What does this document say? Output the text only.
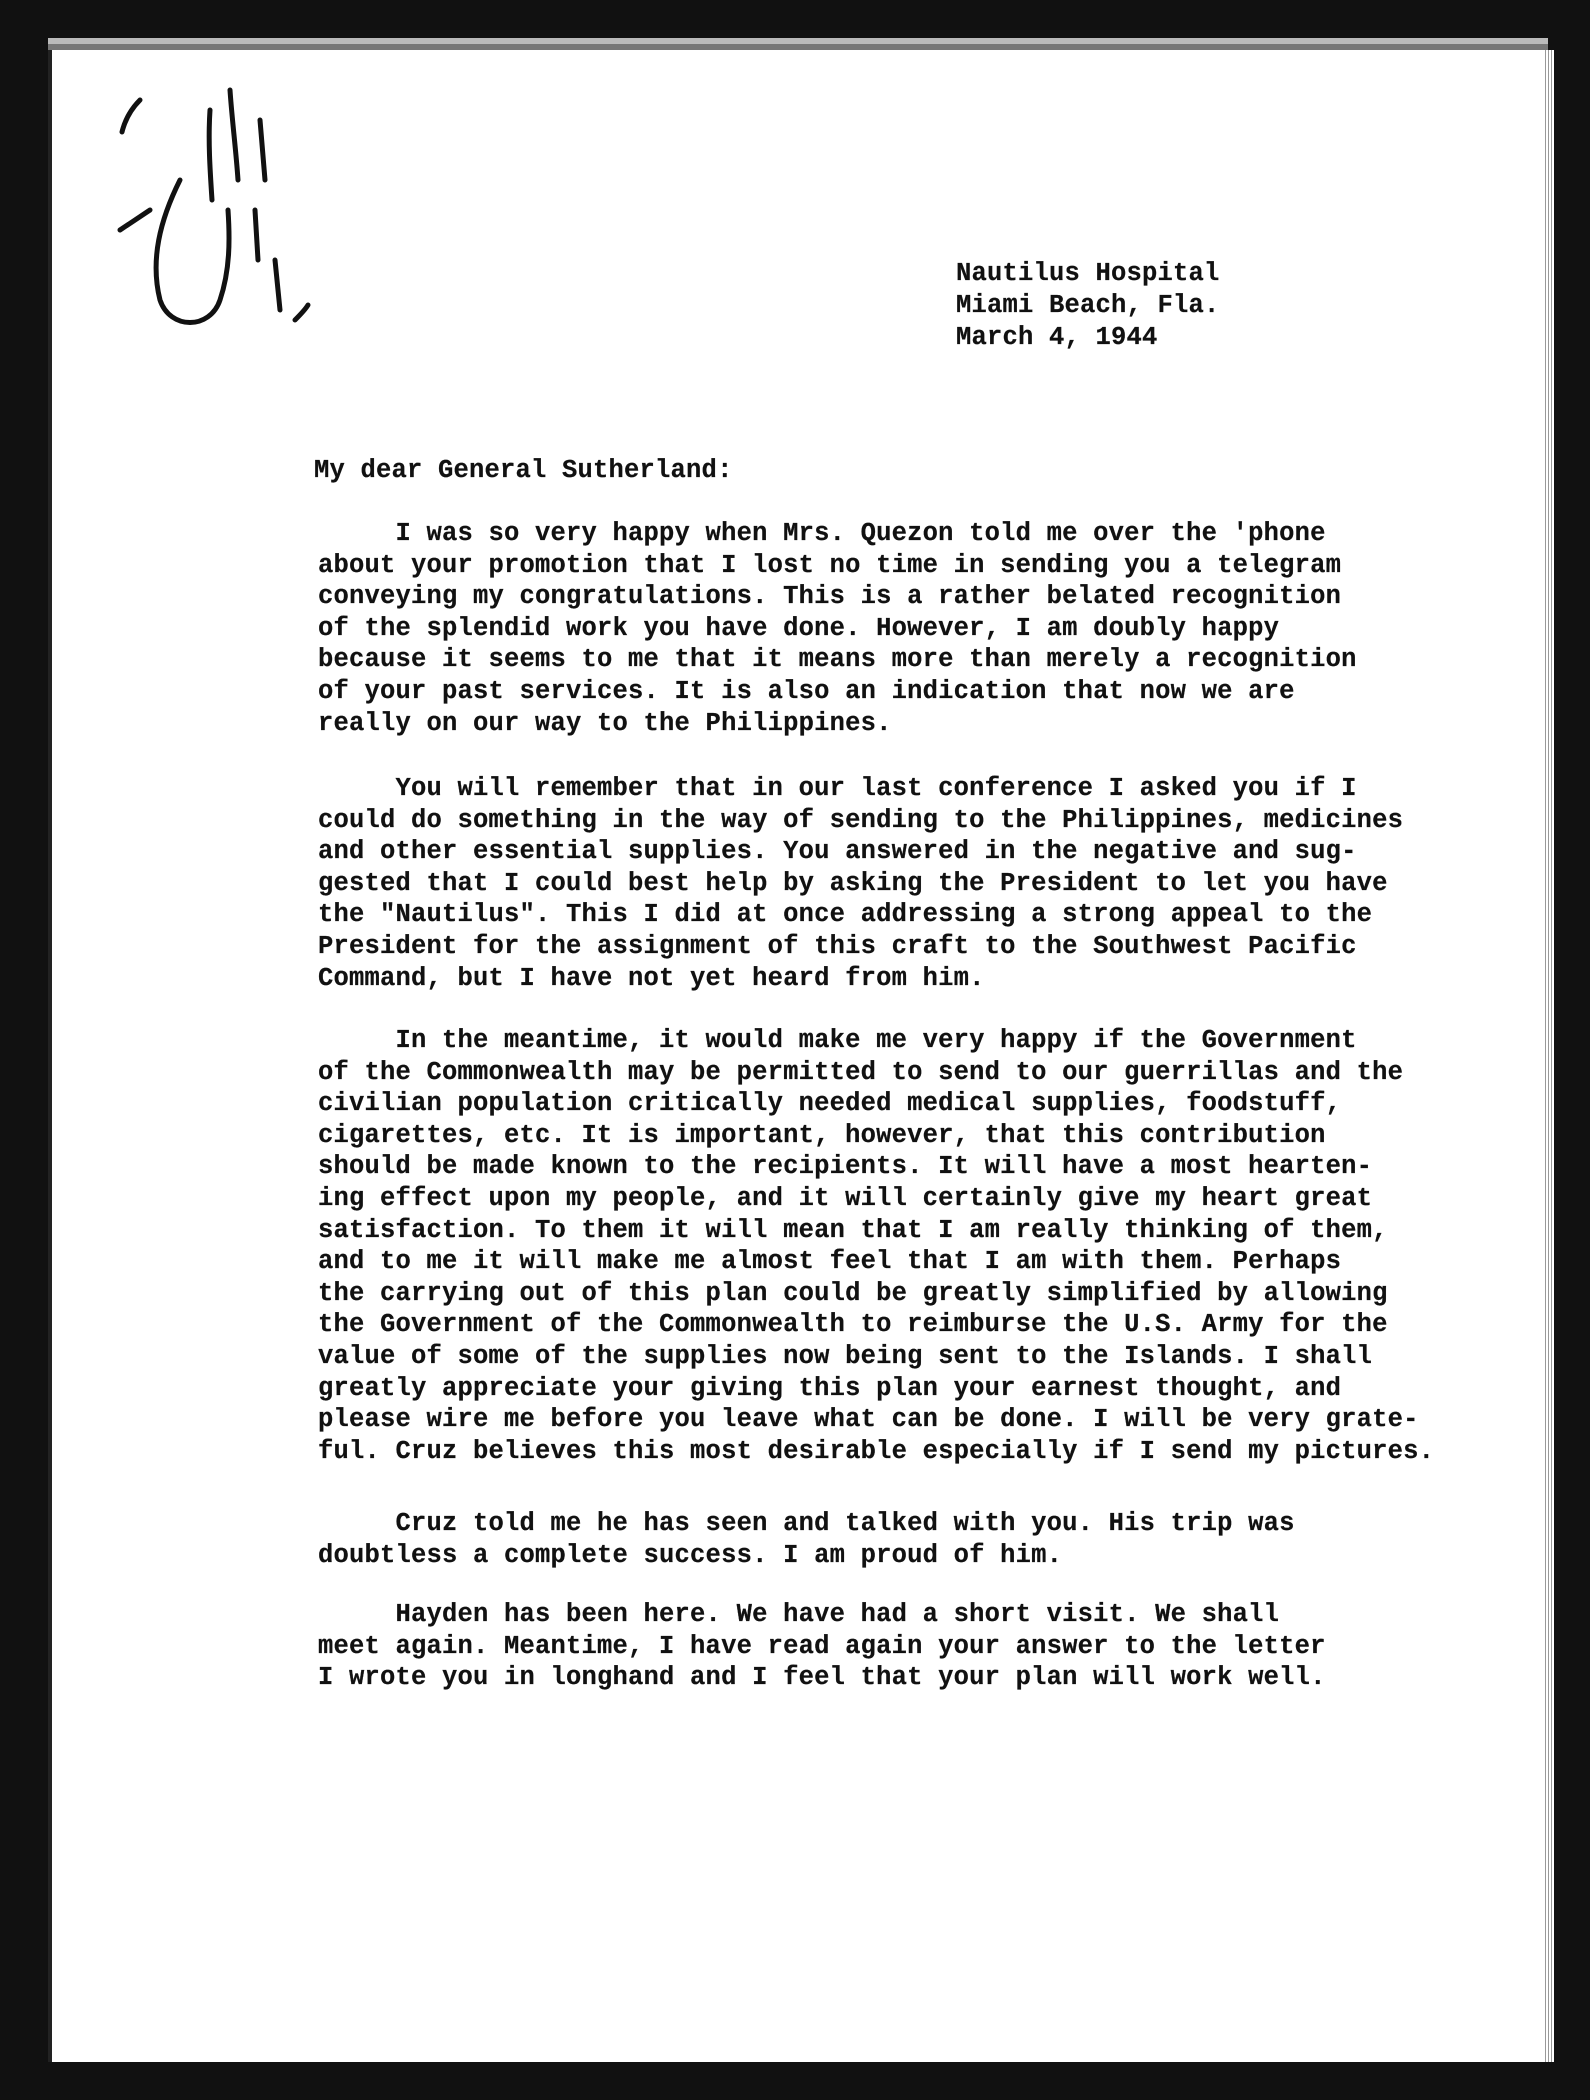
Nautilus Hospital
Miami Beach, Fla.
March 4, 1944
My dear General Sutherland:
I was so very happy when Mrs. Quezon told me over the 'phone
about your promotion that I lost no time in sending you a telegram
conveying my congratulations. This is a rather belated recognition
of the splendid work you have done. However, I am doubly happy
because it seems to me that it means more than merely a recognition
of your past services. It is also an indication that now we are
really on our way to the Philippines.
You will remember that in our last conference I asked you if I
could do something in the way of sending to the Philippines, medicines
and other essential supplies. You answered in the negative and sug-
gested that I could best help by asking the President to let you have
the "Nautilus". This I did at once addressing a strong appeal to the
President for the assignment of this craft to the Southwest Pacific
Command, but I have not yet heard from him.
In the meantime, it would make me very happy if the Government
of the Commonwealth may be permitted to send to our guerrillas and the
civilian population critically needed medical supplies, foodstuff,
cigarettes, etc. It is important, however, that this contribution
should be made known to the recipients. It will have a most hearten-
ing effect upon my people, and it will certainly give my heart great
satisfaction. To them it will mean that I am really thinking of them,
and to me it will make me almost feel that I am with them. Perhaps
the carrying out of this plan could be greatly simplified by allowing
the Government of the Commonwealth to reimburse the U.S. Army for the
value of some of the supplies now being sent to the Islands. I shall
greatly appreciate your giving this plan your earnest thought, and
please wire me before you leave what can be done. I will be very grate-
ful. Cruz believes this most desirable especially if I send my pictures.
Cruz told me he has seen and talked with you. His trip was
doubtless a complete success. I am proud of him.
Hayden has been here. We have had a short visit. We shall
meet again. Meantime, I have read again your answer to the letter
I wrote you in longhand and I feel that your plan will work well.
